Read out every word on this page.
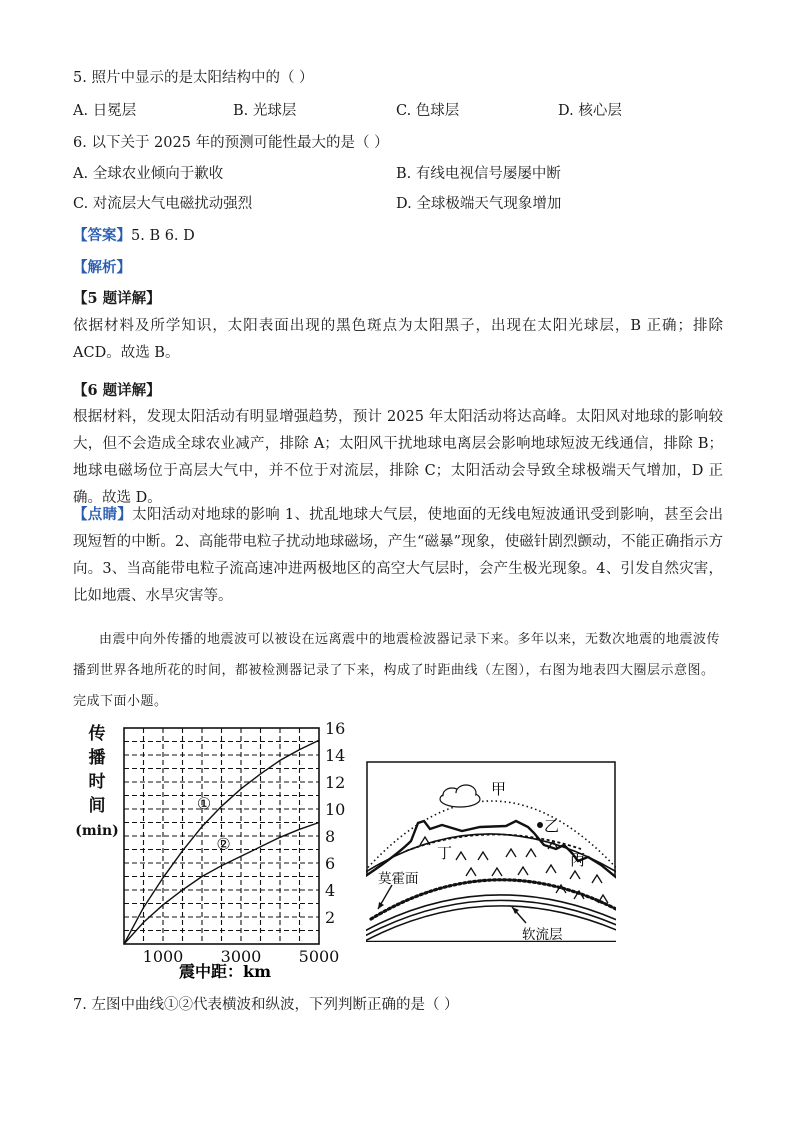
5. 照片中显示的是太阳结构中的（ ）
A. 日冕层	B. 光球层	C. 色球层	D. 核心层
6. 以下关于 2025 年的预测可能性最大的是（ ）
A. 全球农业倾向于歉收	B. 有线电视信号屡屡中断
C. 对流层大气电磁扰动强烈	D. 全球极端天气现象增加
【答案】5. B 6. D
【解析】
【5 题详解】
依据材料及所学知识，太阳表面出现的黑色斑点为太阳黑子，出现在太阳光球层，B 正确；排除 ACD。故选 B。
【6 题详解】
根据材料，发现太阳活动有明显增强趋势，预计 2025 年太阳活动将达高峰。太阳风对地球的影响较大，但不会造成全球农业减产，排除 A；太阳风干扰地球电离层会影响地球短波无线通信，排除 B；地球电磁场位于高层大气中，并不位于对流层，排除 C；太阳活动会导致全球极端天气增加，D 正确。故选 D。
【点睛】太阳活动对地球的影响 1、扰乱地球大气层，使地面的无线电短波通讯受到影响，甚至会出现短暂的中断。2、高能带电粒子扰动地球磁场，产生“磁暴”现象，使磁针剧烈颤动，不能正确指示方向。3、当高能带电粒子流高速冲进两极地区的高空大气层时，会产生极光现象。4、引发自然灾害，比如地震、水旱灾害等。
由震中向外传播的地震波可以被设在远离震中的地震检波器记录下来。多年以来，无数次地震的地震波传播到世界各地所花的时间，都被检测器记录了下来，构成了时距曲线（左图），右图为地表四大圈层示意图。完成下面小题。
传
播
时
间
(min)
①
②
2
4
6
8
10
12
14
16
1000 3000 5000
震中距：km
甲
乙
丙
丁
莫霍面
软流层
7. 左图中曲线①②代表横波和纵波，下列判断正确的是（ ）
